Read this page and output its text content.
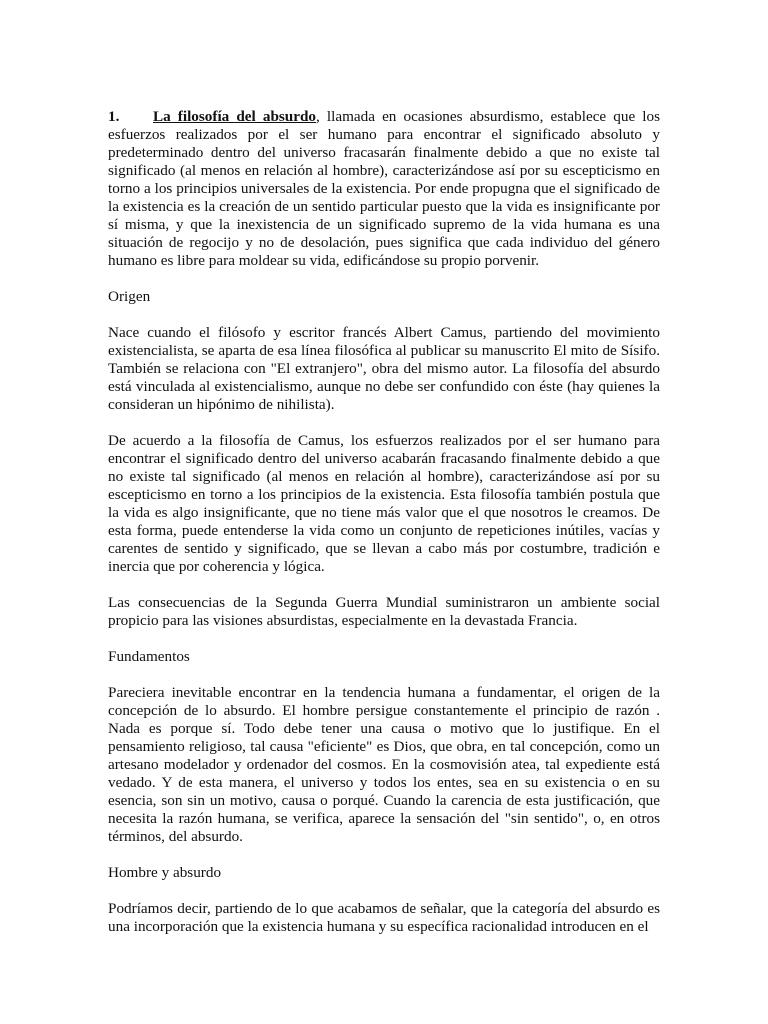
1. La filosofía del absurdo, llamada en ocasiones absurdismo, establece que los esfuerzos realizados por el ser humano para encontrar el significado absoluto y predeterminado dentro del universo fracasarán finalmente debido a que no existe tal significado (al menos en relación al hombre), caracterizándose así por su escepticismo en torno a los principios universales de la existencia. Por ende propugna que el significado de la existencia es la creación de un sentido particular puesto que la vida es insignificante por sí misma, y que la inexistencia de un significado supremo de la vida humana es una situación de regocijo y no de desolación, pues significa que cada individuo del género humano es libre para moldear su vida, edificándose su propio porvenir.

Origen

Nace cuando el filósofo y escritor francés Albert Camus, partiendo del movimiento existencialista, se aparta de esa línea filosófica al publicar su manuscrito El mito de Sísifo. También se relaciona con "El extranjero", obra del mismo autor. La filosofía del absurdo está vinculada al existencialismo, aunque no debe ser confundido con éste (hay quienes la consideran un hipónimo de nihilista).

De acuerdo a la filosofía de Camus, los esfuerzos realizados por el ser humano para encontrar el significado dentro del universo acabarán fracasando finalmente debido a que no existe tal significado (al menos en relación al hombre), caracterizándose así por su escepticismo en torno a los principios de la existencia. Esta filosofía también postula que la vida es algo insignificante, que no tiene más valor que el que nosotros le creamos. De esta forma, puede entenderse la vida como un conjunto de repeticiones inútiles, vacías y carentes de sentido y significado, que se llevan a cabo más por costumbre, tradición e inercia que por coherencia y lógica.

Las consecuencias de la Segunda Guerra Mundial suministraron un ambiente social propicio para las visiones absurdistas, especialmente en la devastada Francia.

Fundamentos

Pareciera inevitable encontrar en la tendencia humana a fundamentar, el origen de la concepción de lo absurdo. El hombre persigue constantemente el principio de razón . Nada es porque sí. Todo debe tener una causa o motivo que lo justifique. En el pensamiento religioso, tal causa "eficiente" es Dios, que obra, en tal concepción, como un artesano modelador y ordenador del cosmos. En la cosmovisión atea, tal expediente está vedado. Y de esta manera, el universo y todos los entes, sea en su existencia o en su esencia, son sin un motivo, causa o porqué. Cuando la carencia de esta justificación, que necesita la razón humana, se verifica, aparece la sensación del "sin sentido", o, en otros términos, del absurdo.

Hombre y absurdo

Podríamos decir, partiendo de lo que acabamos de señalar, que la categoría del absurdo es una incorporación que la existencia humana y su específica racionalidad introducen en el
